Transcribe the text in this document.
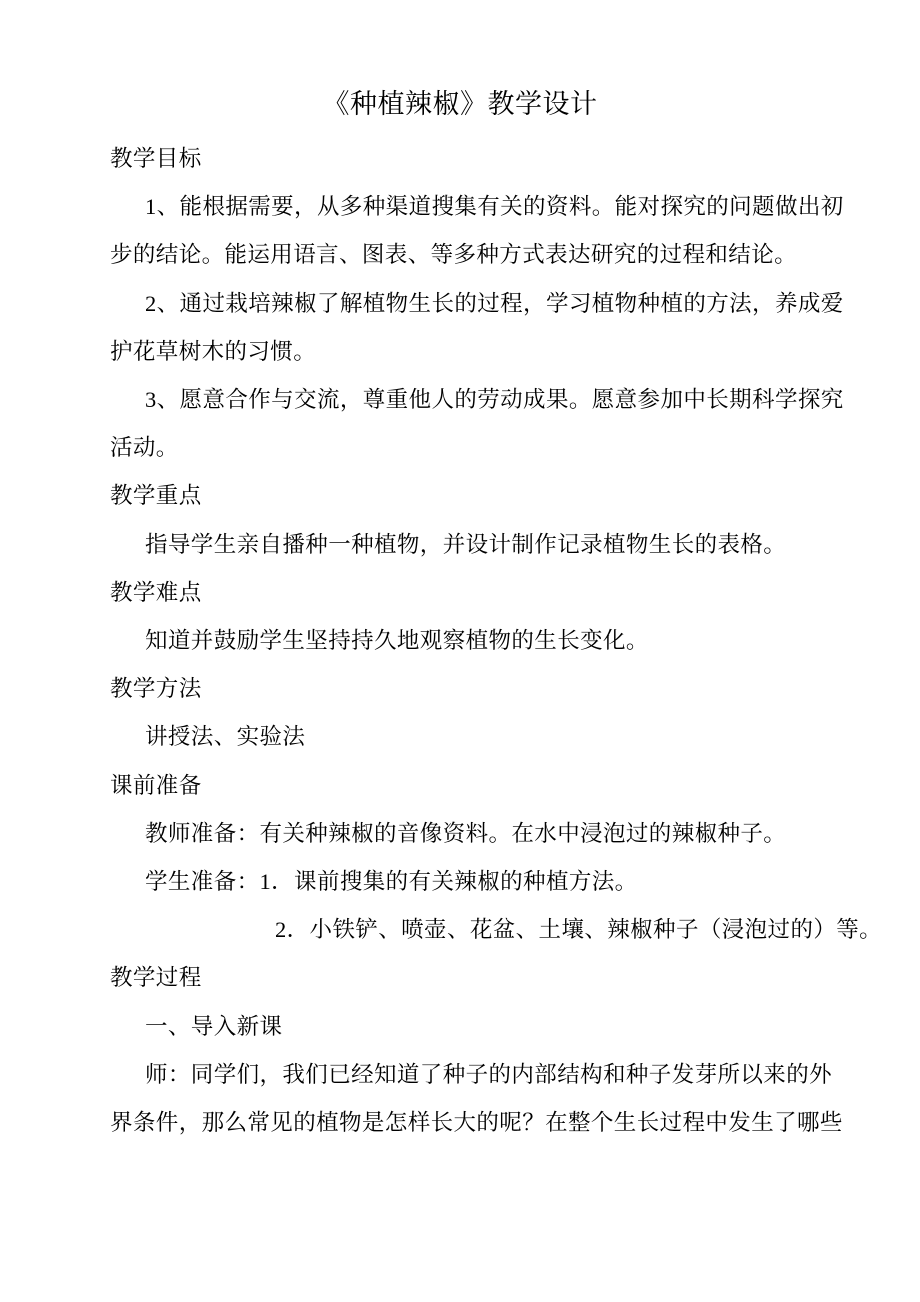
《种植辣椒》教学设计
教学目标
1、能根据需要，从多种渠道搜集有关的资料。能对探究的问题做出初
步的结论。能运用语言、图表、等多种方式表达研究的过程和结论。
2、通过栽培辣椒了解植物生长的过程，学习植物种植的方法，养成爱
护花草树木的习惯。
3、愿意合作与交流，尊重他人的劳动成果。愿意参加中长期科学探究
活动。
教学重点
指导学生亲自播种一种植物，并设计制作记录植物生长的表格。
教学难点
知道并鼓励学生坚持持久地观察植物的生长变化。
教学方法
讲授法、实验法
课前准备
教师准备：有关种辣椒的音像资料。在水中浸泡过的辣椒种子。
学生准备：1．课前搜集的有关辣椒的种植方法。
2．小铁铲、喷壶、花盆、土壤、辣椒种子（浸泡过的）等。
教学过程
一、导入新课
师：同学们，我们已经知道了种子的内部结构和种子发芽所以来的外
界条件，那么常见的植物是怎样长大的呢？在整个生长过程中发生了哪些
